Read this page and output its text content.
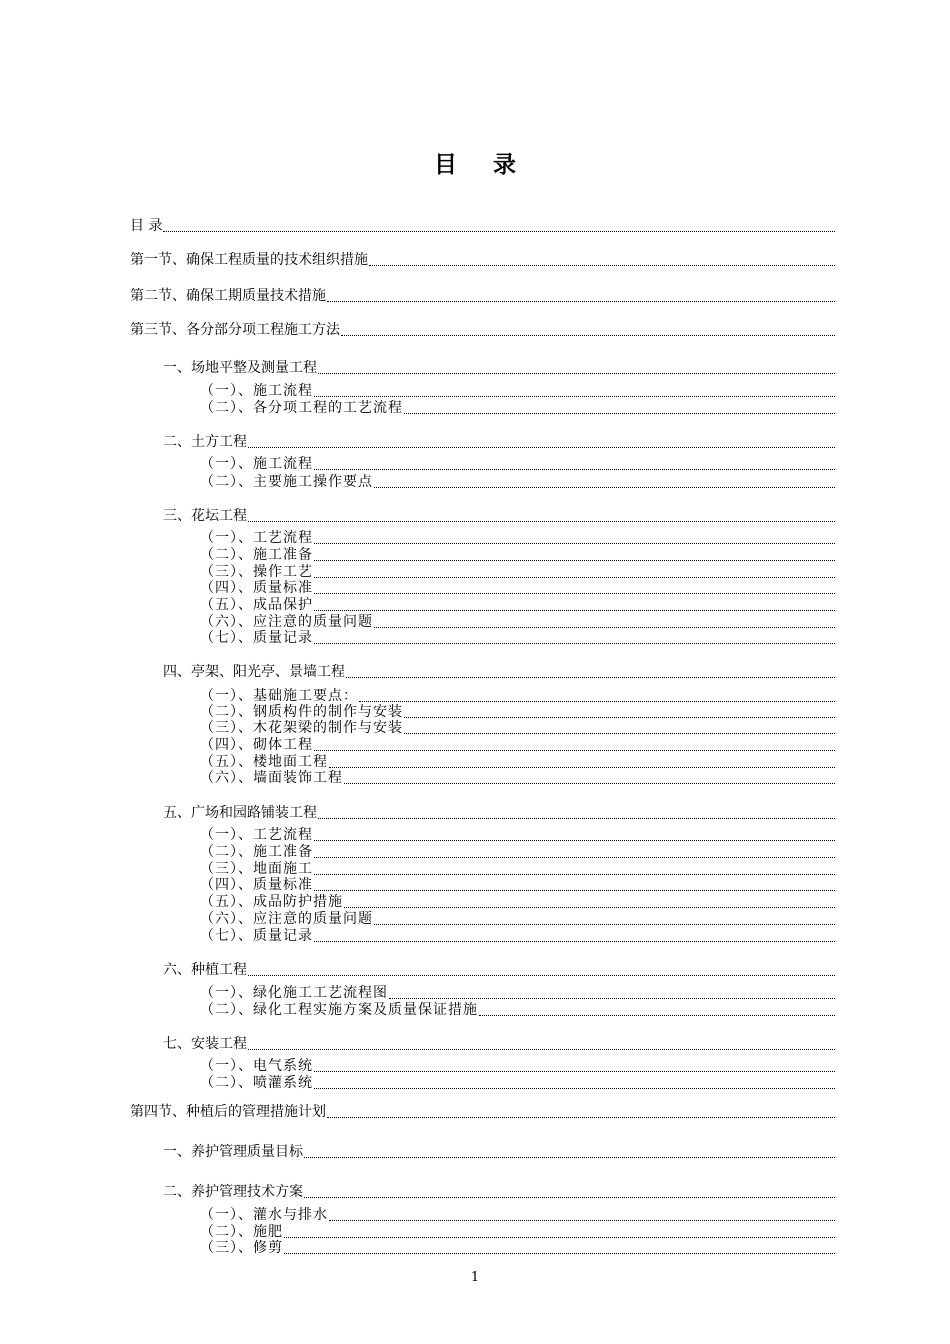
目 录
目 录
第一节、确保工程质量的技术组织措施
第二节、确保工期质量技术措施
第三节、各分部分项工程施工方法
一、场地平整及测量工程
（一）、施工流程
（二）、各分项工程的工艺流程
二、土方工程
（一）、施工流程
（二）、主要施工操作要点
三、花坛工程
（一）、工艺流程
（二）、施工准备
（三）、操作工艺
（四）、质量标准
（五）、成品保护
（六）、应注意的质量问题
（七）、质量记录
四、亭架、阳光亭、景墙工程
（一）、基础施工要点：
（二）、钢质构件的制作与安装
（三）、木花架梁的制作与安装
（四）、砌体工程
（五）、楼地面工程
（六）、墙面装饰工程
五、广场和园路铺装工程
（一）、工艺流程
（二）、施工准备
（三）、地面施工
（四）、质量标准
（五）、成品防护措施
（六）、应注意的质量问题
（七）、质量记录
六、种植工程
（一）、绿化施工工艺流程图
（二）、绿化工程实施方案及质量保证措施
七、安装工程
（一）、电气系统
（二）、喷灌系统
第四节、种植后的管理措施计划
一、养护管理质量目标
二、养护管理技术方案
（一）、灌水与排水
（二）、施肥
（三）、修剪
1
